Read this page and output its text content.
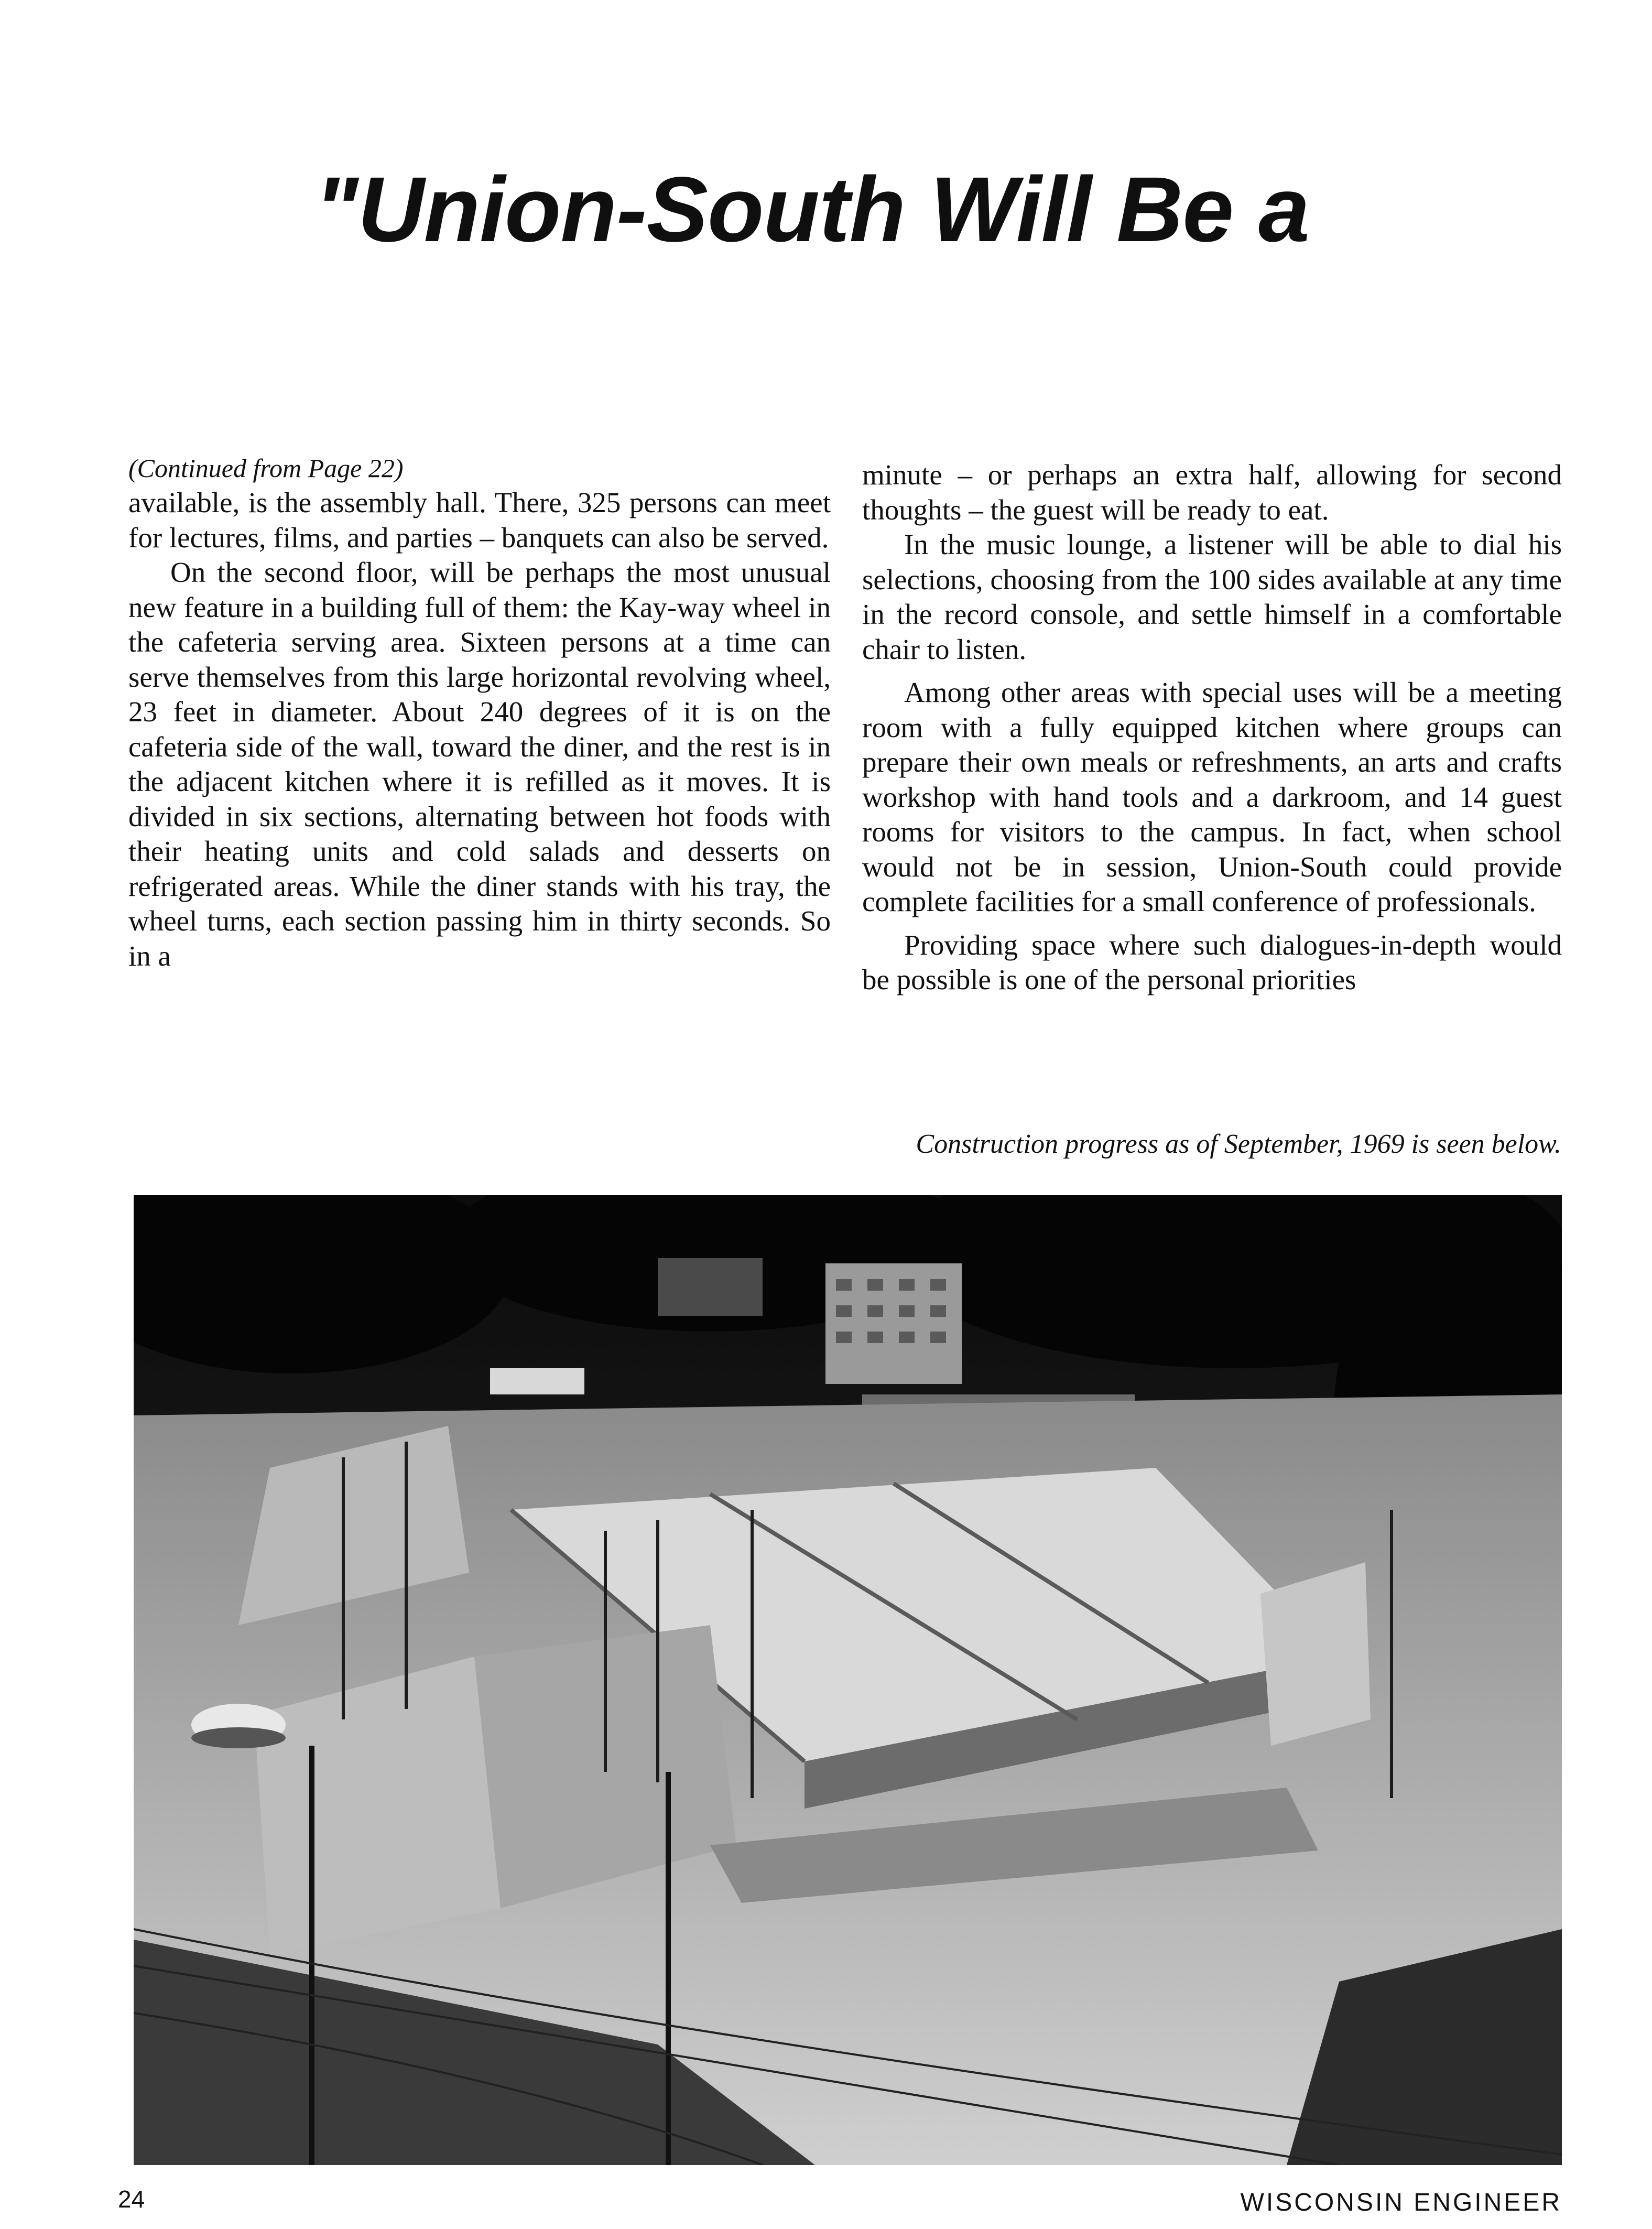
"Union-South Will Be a

(Continued from Page 22)

available, is the assembly hall. There, 325 persons can meet for lectures, films, and parties – banquets can also be served.

On the second floor, will be perhaps the most unusual new feature in a building full of them: the Kay-way wheel in the cafeteria serving area. Sixteen persons at a time can serve themselves from this large horizontal revolving wheel, 23 feet in diameter. About 240 degrees of it is on the cafeteria side of the wall, toward the diner, and the rest is in the adjacent kitchen where it is refilled as it moves. It is divided in six sections, alternating between hot foods with their heating units and cold salads and desserts on refrigerated areas. While the diner stands with his tray, the wheel turns, each section passing him in thirty seconds. So in a

minute – or perhaps an extra half, allowing for second thoughts – the guest will be ready to eat.

In the music lounge, a listener will be able to dial his selections, choosing from the 100 sides available at any time in the record console, and settle himself in a comfortable chair to listen.

Among other areas with special uses will be a meeting room with a fully equipped kitchen where groups can prepare their own meals or refreshments, an arts and crafts workshop with hand tools and a darkroom, and 14 guest rooms for visitors to the campus. In fact, when school would not be in session, Union-South could provide complete facilities for a small conference of professionals.

Providing space where such dialogues-in-depth would be possible is one of the personal priorities

Construction progress as of September, 1969 is seen below.
24	WISCONSIN ENGINEER
